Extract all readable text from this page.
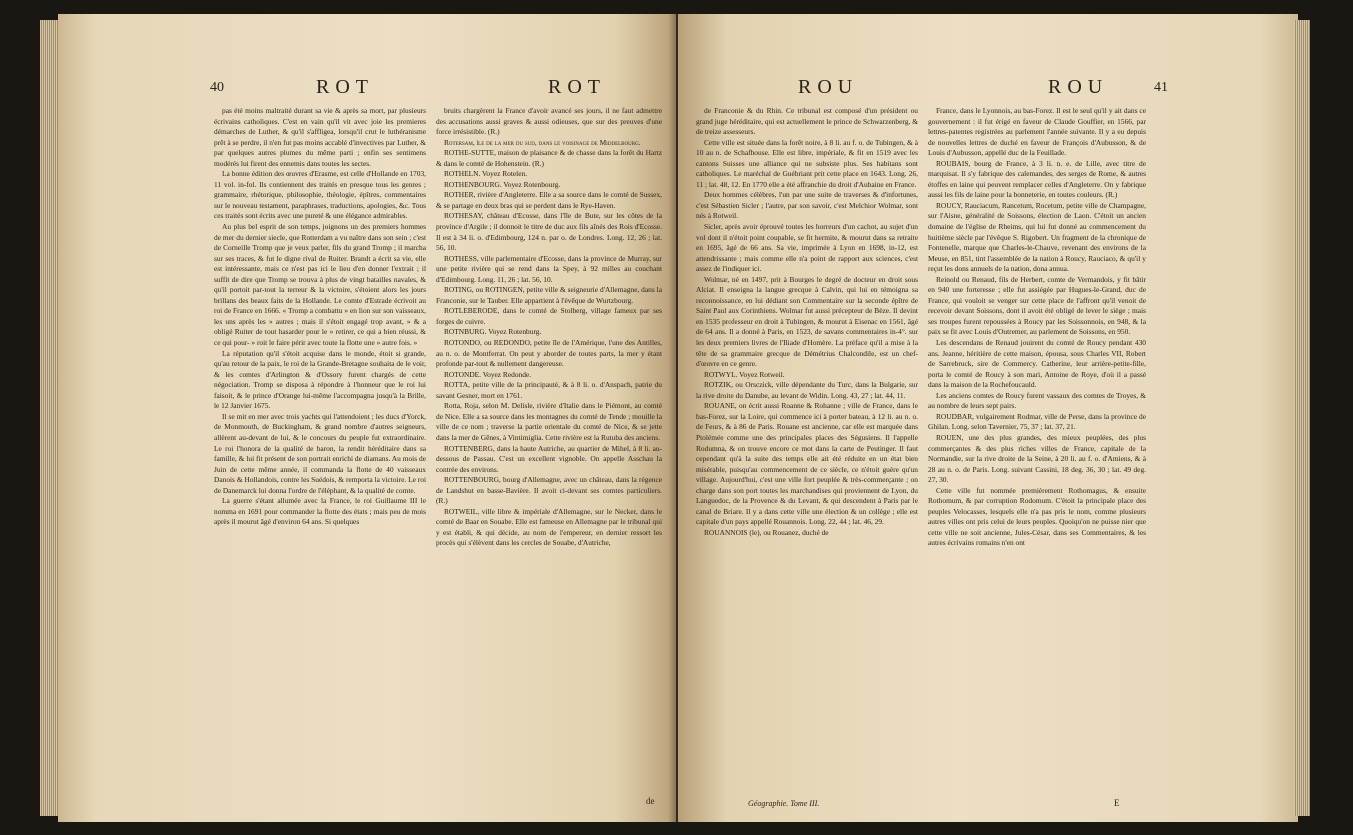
40	ROT	ROT

pas été moins maltraité durant sa vie & après sa mort, par plusieurs écrivains catholiques. C'est en vain qu'il vit avec joie les premieres démarches de Luther, & qu'il s'affligea, lorsqu'il crut le luthéranisme prêt à se perdre, il n'en fut pas moins accablé d'invectives par Luther, & par quelques autres plumes du même parti ; enfin ses sentimens modérés lui firent des ennemis dans toutes les sectes.

La bonne édition des œuvres d'Erasme, est celle d'Hollande en 1703, 11 vol. in-fol. Ils contiennent des traités en presque tous les genres ; grammaire, rhétorique, philosophie, théologie, épîtres, commentaires sur le nouveau testament, paraphrases, traductions, apologies, &c. Tous ces traités sont écrits avec une pureté & une élégance admirables.

Au plus bel esprit de son temps, joignons un des premiers hommes de mer du dernier siecle, que Rotterdam a vu naître dans son sein ; c'est de Corneille Tromp que je veux parler, fils du grand Tromp ; il marcha sur ses traces, & fut le digne rival de Ruiter. Brandt a écrit sa vie, elle est intéressante, mais ce n'est pas ici le lieu d'en donner l'extrait ; il suffit de dire que Tromp se trouva à plus de vingt batailles navales, & qu'il portoit par-tout la terreur & la victoire, s'étoient alors les jours brillans des beaux faits de la Hollande. Le comte d'Estrade écrivoit au roi de France en 1666. « Tromp a combattu » en lion sur son vaisseaux, les uns après les » autres ; mais il s'étoit engagé trop avant, » & a obligé Ruiter de tout hasarder pour le » retirer, ce qui a bien réussi, & ce qui pour- » roit le faire périr avec toute la flotte une » autre fois. »

La réputation qu'il s'étoit acquise dans le monde, étoit si grande, qu'au retour de la paix, le roi de la Grande-Bretagne souhaita de le voir, & les comtes d'Arlington & d'Ossory furent chargés de cette négociation. Tromp se disposa à répondre à l'honneur que le roi lui faisoit, & le prince d'Orange lui-même l'accompagna jusqu'à la Brille, le 12 Janvier 1675.

Il se mit en mer avec trois yachts qui l'attendoient ; les ducs d'Yorck, de Monmouth, de Buckingham, & grand nombre d'autres seigneurs, allèrent au-devant de lui, & le concours du peuple fut extraordinaire. Le roi l'honora de la qualité de baron, la rendit héréditaire dans sa famille, & lui fit présent de son portrait enrichi de diamans. Au mois de Juin de cette même année, il commanda la flotte de 40 vaisseaux Danois & Hollandois, contre les Suédois, & remporta la victoire. Le roi de Danemarck lui donna l'ordre de l'éléphant, & la qualité de comte.

La guerre s'étant allumée avec la France, le roi Guillaume III le nomma en 1691 pour commander la flotte des états ; mais peu de mois après il mourut âgé d'environ 64 ans. Si quelques

bruits chargèrent la France d'avoir avancé ses jours, il ne faut admettre des accusations aussi graves & aussi odieuses, que sur des preuves d'une force irrésistible. (R.)

Rotersam, île de la mer du sud, dans le voisinage de Middelbourg.

ROTHE-SUTTE, maison de plaisance & de chasse dans la forêt du Hartz & dans le comté de Hohenstein. (R.)

ROTHELN. Voyez Rotelen.

ROTHENBOURG. Voyez Rotenbourg.

ROTHER, rivière d'Angleterre. Elle a sa source dans le comté de Sussex, & se partage en deux bras qui se perdent dans le Rye-Haven.

ROTHESAY, château d'Ecosse, dans l'île de Bute, sur les côtes de la province d'Argile ; il donnoit le titre de duc aux fils aînés des Rois d'Ecosse. Il est à 34 li. o. d'Edimbourg, 124 n. par o. de Londres. Long. 12, 26 ; lat. 56, 10.

ROTHESS, ville parlementaire d'Ecosse, dans la province de Murray, sur une petite rivière qui se rend dans la Spey, à 92 milles au couchant d'Edimbourg. Long. 11, 26 ; lat. 56, 10.

ROTING, ou ROTINGEN, petite ville & seigneurie d'Allemagne, dans la Franconie, sur le Tauber. Elle appartient à l'évêque de Wurtzbourg.

ROTLEBERODE, dans le comté de Stolberg, village fameux par ses forges de cuivre.

ROTNBURG. Voyez Rotenburg.

ROTONDO, ou REDONDO, petite île de l'Amérique, l'une des Antilles, au n. o. de Montferrat. On peut y aborder de toutes parts, la mer y étant profonde par-tout & nullement dangereuse.

ROTONDE. Voyez Redonde.

ROTTA, petite ville de la principauté, & à 8 li. o. d'Anspach, patrie du savant Gesner, mort en 1761.

Rotta, Roja, selon M. Delisle, rivière d'Italie dans le Piémont, au comté de Nice. Elle a sa source dans les montagnes du comté de Tende ; mouille la ville de ce nom ; traverse la partie orientale du comté de Nice, & se jette dans la mer de Gênes, à Vintimiglia. Cette rivière est la Rutuba des anciens.

ROTTENBERG, dans la haute Autriche, au quartier de Mihel, à 8 li. au-dessous de Passau. C'est un excellent vignoble. On appelle Asschau la contrée des environs.

ROTTENBOURG, bourg d'Allemagne, avec un château, dans la régence de Landshut en basse-Bavière. Il avoit ci-devant ses comtes particuliers. (R.)

ROTWEIL, ville libre & impériale d'Allemagne, sur le Necker, dans le comté de Baar en Souabe. Elle est fameuse en Allemagne par le tribunal qui y est établi, & qui décide, au nom de l'empereur, en dernier ressort les procès qui s'élèvent dans les cercles de Souabe, d'Autriche,

de
ROU	ROU	41

de Franconie & du Rhin. Ce tribunal est composé d'un président ou grand juge héréditaire, qui est actuellement le prince de Schwarzenberg, & de treize assesseurs.

Cette ville est située dans la forêt noire, à 8 li. au f. o. de Tubingen, & à 10 au n. de Schafhouse. Elle est libre, impériale, & fit en 1519 avec les cantons Suisses une alliance qui ne subsiste plus. Ses habitans sont catholiques. Le maréchal de Guébriant prit cette place en 1643. Long. 26, 11 ; lat. 48, 12. En 1770 elle a été affranchie du droit d'Aubaine en France.

Deux hommes célèbres, l'un par une suite de traverses & d'infortunes, c'est Sébastien Sicler ; l'autre, par son savoir, c'est Melchior Wolmar, sont nés à Rotweil.

Sicler, après avoir éprouvé toutes les horreurs d'un cachot, au sujet d'un vol dont il n'étoit point coupable, se fit hermite, & mourut dans sa retraite en 1695, âgé de 66 ans. Sa vie, imprimée à Lyon en 1698, in-12, est attendrissante ; mais comme elle n'a point de rapport aux sciences, c'est assez de l'indiquer ici.

Wolmar, né en 1497, prit à Bourges le degré de docteur en droit sous Alciat. Il enseigna la langue grecque à Calvin, qui lui en témoigna sa reconnoissance, en lui dédiant son Commentaire sur la seconde épître de Saint Paul aux Corinthiens. Wolmar fut aussi précepteur de Bèze. Il devint en 1535 professeur en droit à Tubingen, & mourut à Eisenac en 1561, âgé de 64 ans. Il a donné à Paris, en 1523, de savans commentaires in-4°. sur les deux premiers livres de l'Iliade d'Homère. La préface qu'il a mise à la tête de sa grammaire grecque de Démétrius Chalcondile, est un chef-d'œuvre en ce genre.

ROTWYL. Voyez Rotweil.

ROTZIK, ou Orsczick, ville dépendante du Turc, dans la Bulgarie, sur la rive droite du Danube, au levant de Widin. Long. 43, 27 ; lat. 44, 11.

ROUANE, on écrit aussi Roanne & Rohanne ; ville de France, dans le bas-Forez, sur la Loire, qui commence ici à porter bateau, à 12 li. au n. o. de Feurs, & à 86 de Paris. Rouane est ancienne, car elle est marquée dans Ptolémée comme une des principales places des Ségusiens. Il l'appelle Rodumna, & on trouve encore ce mot dans la carte de Peutinger. Il faut cependant qu'à la suite des temps elle ait été réduite en un état bien misérable, puisqu'au commencement de ce siècle, ce n'étoit guère qu'un village. Aujourd'hui, c'est une ville fort peuplée & très-commerçante ; on charge dans son port toutes les marchandises qui proviennent de Lyon, du Languedoc, de la Provence & du Levant, & qui descendent à Paris par le canal de Briare. Il y a dans cette ville une élection & un collège ; elle est capitale d'un pays appellé Rouannois. Long. 22, 44 ; lat. 46, 29.

ROUANNOIS (le), ou Rouanez, duché de

France, dans le Lyonnois, au bas-Forez. Il est le seul qu'il y ait dans ce gouvernement : il fut érigé en faveur de Claude Gouffier, en 1566, par lettres-patentes registrées au parlement l'année suivante. Il y a eu depuis de nouvelles lettres de duché en faveur de François d'Aubusson, & de Louis d'Aubusson, appellé duc de la Feuillade.

ROUBAIS, bourg de France, à 3 li. n. e. de Lille, avec titre de marquisat. Il s'y fabrique des calemandes, des serges de Rome, & autres étoffes en laine qui peuvent remplacer celles d'Angleterre. On y fabrique aussi les fils de laine pour la bonneterie, en toutes couleurs. (R.)

ROUCY, Rauciacum, Rancetum, Rocetum, petite ville de Champagne, sur l'Aisne, généralité de Soissons, élection de Laon. C'étoit un ancien domaine de l'église de Rheims, qui lui fut donné au commencement du huitième siècle par l'évêque S. Rigobert. Un fragment de la chronique de Fontenelle, marque que Charles-le-Chauve, revenant des environs de la Meuse, en 851, tint l'assemblée de la nation à Roucy, Rauciaco, & qu'il y reçut les dons annuels de la nation, dona annua.

Reinold ou Renaud, fils de Herbert, comte de Vermandois, y fit bâtir en 940 une forteresse ; elle fut assiégée par Hugues-le-Grand, duc de France, qui vouloit se venger sur cette place de l'affront qu'il venoit de recevoir devant Soissons, dont il avoit été obligé de lever le siège ; mais ses troupes furent repoussées à Roucy par les Soissonnois, en 948, & la paix se fit avec Louis d'Outremer, au parlement de Soissons, en 950.

Les descendans de Renaud jouirent du comté de Roucy pendant 430 ans. Jeanne, héritière de cette maison, épousa, sous Charles VII, Robert de Sarrebruck, sire de Commercy. Catherine, leur arrière-petite-fille, porta le comté de Roucy à son mari, Antoine de Roye, d'où il a passé dans la maison de la Rochefoucauld.

Les anciens comtes de Roucy furent vassaux des comtes de Troyes, & au nombre de leurs sept pairs.

ROUDBAR, vulgairement Rodmar, ville de Perse, dans la province de Ghilan. Long. selon Tavernier, 75, 37 ; lat. 37, 21.

ROUEN, une des plus grandes, des mieux peuplées, des plus commerçantes & des plus riches villes de France, capitale de la Normandie, sur la rive droite de la Seine, à 20 li. au f. o. d'Amiens, & à 28 au n. o. de Paris. Long. suivant Cassini, 18 deg. 36, 30 ; lat. 49 deg. 27, 30.

Cette ville fut nommée premièrement Rothomagus, & ensuite Rothomum, & par corruption Rodomum. C'étoit la principale place des peuples Velocasses, lesquels elle n'a pas pris le nom, comme plusieurs autres villes ont pris celui de leurs peuples. Quoiqu'on ne puisse nier que cette ville ne soit ancienne, Jules-César, dans ses Commentaires, & les autres écrivains romains n'en ont

Géographie. Tome III.	E
